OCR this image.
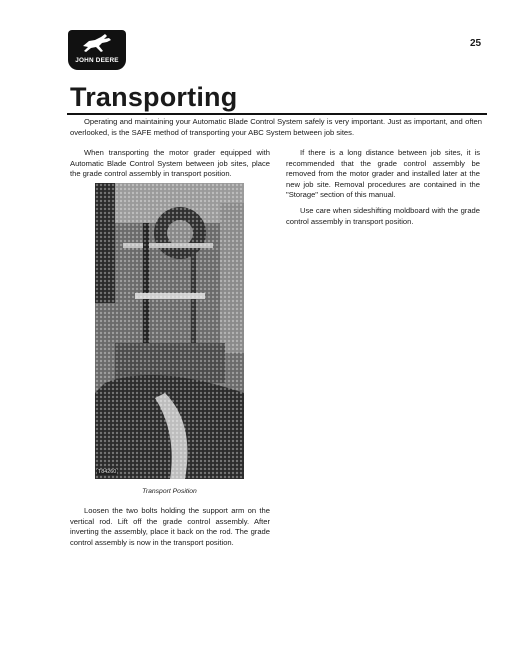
JOHN DEERE
25
Transporting

Operating and maintaining your Automatic Blade Control System safely is very important. Just as important, and often overlooked, is the SAFE method of transporting your ABC System between job sites.

When transporting the motor grader equipped with Automatic Blade Control System between job sites, place the grade control assembly in transport position.

T84260
Transport Position

Loosen the two bolts holding the support arm on the vertical rod. Lift off the grade control assembly. After inverting the assembly, place it back on the rod. The grade control assembly is now in the transport position.

If there is a long distance between job sites, it is recommended that the grade control assembly be removed from the motor grader and installed later at the new job site. Removal procedures are contained in the "Storage" section of this manual.

Use care when sideshifting moldboard with the grade control assembly in transport position.
